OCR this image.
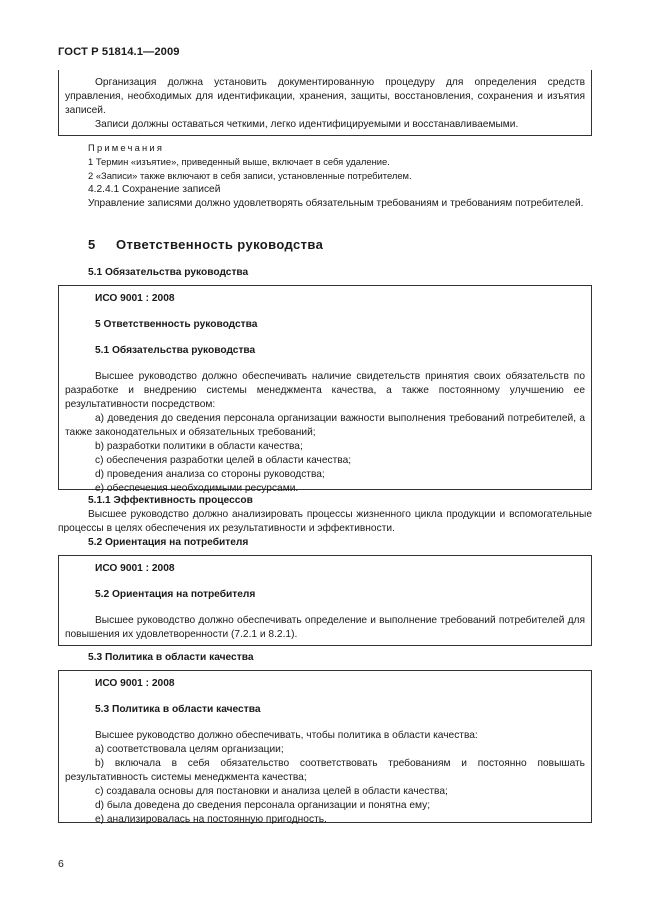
ГОСТ Р 51814.1—2009

Организация должна установить документированную процедуру для определения средств управления, необходимых для идентификации, хранения, защиты, восстановления, сохранения и изъятия записей.

Записи должны оставаться четкими, легко идентифицируемыми и восстанавливаемыми.

Примечания

1 Термин «изъятие», приведенный выше, включает в себя удаление.

2 «Записи» также включают в себя записи, установленные потребителем.

4.2.4.1 Сохранение записей

Управление записями должно удовлетворять обязательным требованиям и требованиям потребителей.

5 Ответственность руководства
5.1 Обязательства руководства

ИСО 9001 : 2008

5 Ответственность руководства

5.1 Обязательства руководства

Высшее руководство должно обеспечивать наличие свидетельств принятия своих обязательств по разработке и внедрению системы менеджмента качества, а также постоянному улучшению ее результативности посредством:

a) доведения до сведения персонала организации важности выполнения требований потребителей, а также законодательных и обязательных требований;

b) разработки политики в области качества;

c) обеспечения разработки целей в области качества;

d) проведения анализа со стороны руководства;

e) обеспечения необходимыми ресурсами.

5.1.1 Эффективность процессов

Высшее руководство должно анализировать процессы жизненного цикла продукции и вспомогательные процессы в целях обеспечения их результативности и эффективности.

5.2 Ориентация на потребителя

ИСО 9001 : 2008

5.2 Ориентация на потребителя

Высшее руководство должно обеспечивать определение и выполнение требований потребителей для повышения их удовлетворенности (7.2.1 и 8.2.1).

5.3 Политика в области качества

ИСО 9001 : 2008

5.3 Политика в области качества

Высшее руководство должно обеспечивать, чтобы политика в области качества:

a) соответствовала целям организации;

b) включала в себя обязательство соответствовать требованиям и постоянно повышать результативность системы менеджмента качества;

c) создавала основы для постановки и анализа целей в области качества;

d) была доведена до сведения персонала организации и понятна ему;

e) анализировалась на постоянную пригодность.

6
